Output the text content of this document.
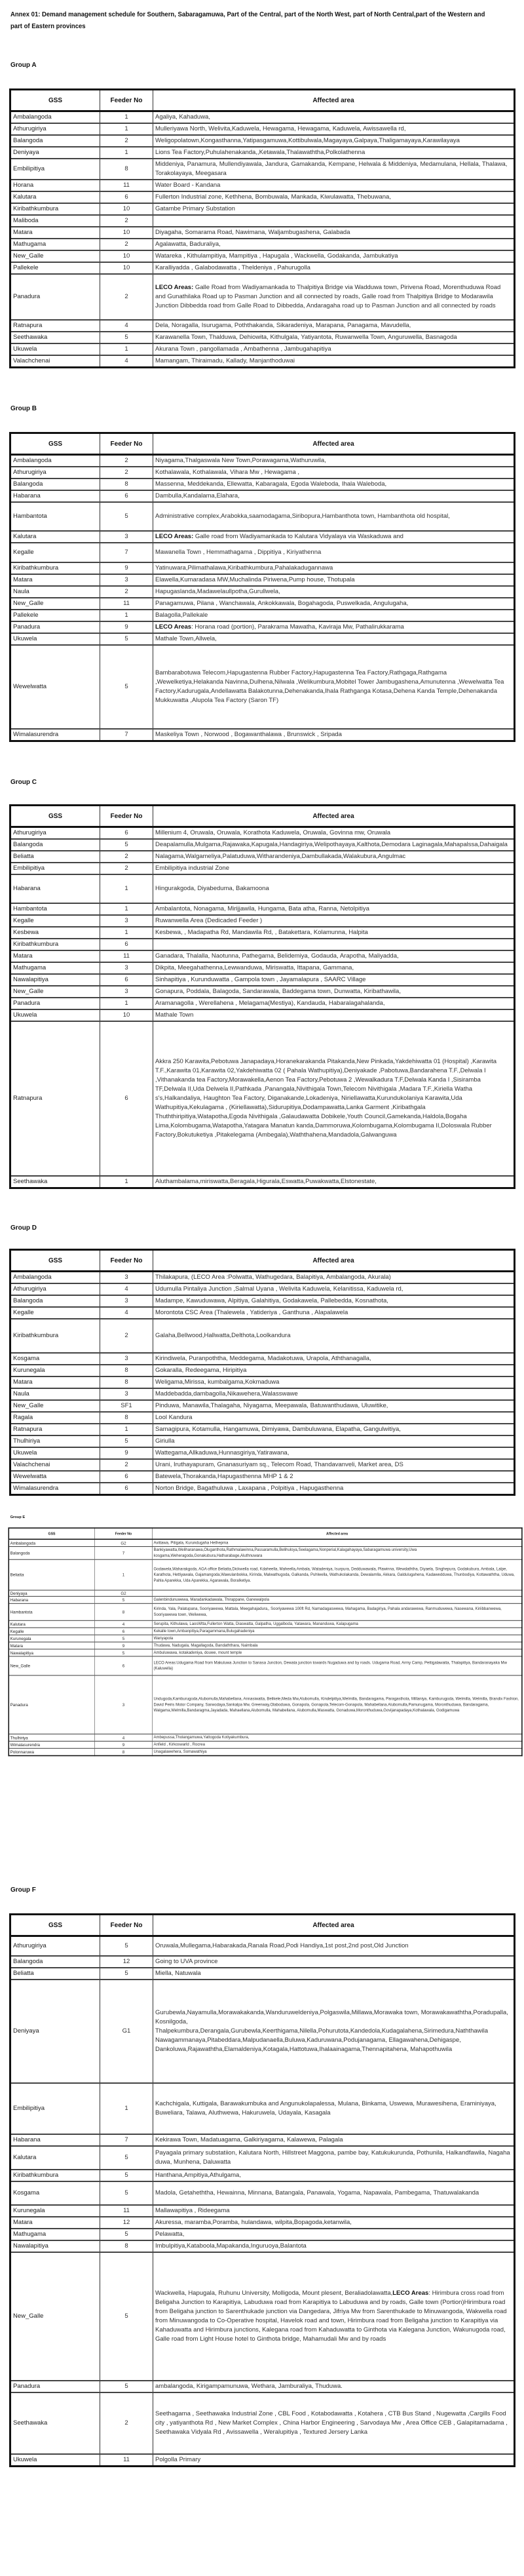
Annex 01: Demand management schedule for Southern, Sabaragamuwa, Part of the Central, part of the North West, part of North Central,part of the Western and part of Eastern provinces
Group A
GSS	Feeder No	Affected area
Ambalangoda	1	Agaliya, Kahaduwa,
Athurugiriya	1	Mulleriyawa North, Welivita,Kaduwela, Hewagama, Hewagama, Kaduwela, Awissawella rd,
Balangoda	2	Weligopolatown,Kongasthanna,Yatipasgamuwa,Kottibulwala,Magayaya,Galpaya,Thaligamayaya,Karawilayaya
Deniyaya	1	Lions Tea Factory,Puhulahenakanda,,Ketawala,Thalawaththa,Polkolathenna
Embilipitiya	8	Middeniya, Panamura, Mullendiyawala, Jandura, Gamakanda, Kempane, Helwala & Middeniya, Medamulana, Hellala, Thalawa, Torakolayaya, Meegasara
Horana	11	Water Board - Kandana
Kalutara	6	Fullerton Industrial zone, Kethhena, Bombuwala, Mankada, Kiwulawatta, Thebuwana,
Kiribathkumbura	10	Gatambe Primary Substation
Maliboda	2	
Matara	10	Diyagaha, Somarama Road, Nawimana, Waljambugashena, Galabada
Mathugama	2	Agalawatta, Baduraliya,
New_Galle	10	Watareka , Kithulampitiya, Mampitiya , Hapugala , Wackwella, Godakanda, Jambukatiya
Pallekele	10	Karalliyadda , Galabodawatta , Theldeniya , Pahurugolla
Panadura	2	LECO Areas: Galle Road from Wadiyamankada to Thalpitiya Bridge via Wadduwa town, Pirivena Road, Morenthuduwa Road and Gunathilaka Road up to Pasman Junction and all connected by roads, Galle road from Thalpitiya Bridge to Modarawila Junction Dibbedda road from Galle Road to Dibbedda, Andaragaha road up to Pasman Junction and all connected by roads
Ratnapura	4	Dela, Noragalla, Isurugama, Poththakanda, Sikaradeniya, Marapana, Panagama, Mavudella,
Seethawaka	5	Karawanella Town, Thalduwa, Dehiowita, Kithulgala, Yatiyantota, Ruwanwella Town, Anguruwella, Basnagoda
Ukuwela	1	Akurana Town , pangollamada , Ambathenna , Jambugahapitiya
Valachchenai	4	Mamangam, Thiraimadu, Kallady, Manjanthoduwai
Group B
GSS	Feeder No	Affected area
Ambalangoda	2	Niyagama,Thalgaswala New Town,Porawagama,Wathuruwila,
Athurugiriya	2	Kothalawala, Kothalawala, Vihara Mw , Hewagama ,
Balangoda	8	Massenna, Meddekanda, Ellewatta, Kabaragala, Egoda Waleboda, Ihala Waleboda,
Habarana	6	Dambulla,Kandalama,Elahara,
Hambantota	5	Administrative complex,Arabokka,saamodagama,Siribopura,Hambanthota town, Hambanthota old hospital,
Kalutara	3	LECO Areas: Galle road from Wadiyamankada to Kalutara Vidyalaya via Waskaduwa and
Kegalle	7	Mawanella Town , Hemmathagama , Dippitiya , Kiriyathenna
Kiribathkumbura	9	Yatinuwara,Pilimathalawa,Kiribathkumbura,Pahalakadugannawa
Matara	3	Elawella,Kumaradasa MW,Muchalinda Piriwena,Pump house, Thotupala
Naula	2	Hapugaslanda,Madawelaullpotha,Gurullwela,
New_Galle	11	Panagamuwa, Pilana , Wanchawala, Ankokkawala, Bogahagoda, Puswelkada, Angulugaha,
Pallekele	1	Balagolla,Pallekale
Panadura	9	LECO Areas: Horana road (portion), Parakrama Mawatha, Kaviraja Mw, Pathalirukkarama
Ukuwela	5	Mathale Town,Allwela,
Wewelwatta	5	Bambarabotuwa Telecom,Hapugastenna Rubber Factory,Hapugastenna Tea Factory,Rathgaga,Rathgama ,Wewelketiya,Helakanda Navinna,Dulhena,Nilwala ,Welikumbura,Mobitel Tower Jambugashena,Amunutenna ,Wewelwatta Tea Factory,Kadurugala,Andellawatta Balakotunna,Dehenakanda,Ihala Rathganga Kotasa,Dehena Kanda Temple,Dehenakanda Mukkuwatta ,Alupola Tea Factory (Saron TF)
Wimalasurendra	7	Maskeliya Town , Norwood , Bogawanthalawa , Brunswick , Sripada
Group C
GSS	Feeder No	Affected area
Athurugiriya	6	Millenium 4, Oruwala, Oruwala, Korathota Kaduwela, Oruwala, Govinna mw, Oruwala
Balangoda	5	Deapalamulla,Mulgama,Rajawaka,Kapugala,Handagiriya,Welipothayaya,Kalthota,Demodara Laginagala,Mahapalssa,Dahaigala
Beliatta	2	Nalagama,Walgameliya,Palatuduwa,Witharandeniya,Dambullakada,Walakubura,Angulmac
Embilipitiya	2	Embilipitiya industrial Zone
Habarana	1	Hingurakgoda, Diyabeduma, Bakamoona
Hambantota	1	Ambalantota, Nonagama, Mirijjawila, Hungama, Bata atha, Ranna, Netolpitiya
Kegalle	3	Ruwanwella Area (Dedicaded Feeder )
Kesbewa	1	Kesbewa, , Madapatha Rd, Mandawila Rd, , Batakettara, Kolamunna, Halpita
Kiribathkumbura	6	
Matara	11	Ganadara, Thalalla, Naotunna, Pathegama, Belidemiya, Godauda, Arapotha, Maliyadda,
Mathugama	3	Dikpita, Meegahathenna,Lewwanduwa, Miriswatta, Ittapana, Gammana,
Nawalapitiya	6	Sinhapitiya , Kurunduwatta , Gampola town , Jayamalapura , SAARC Village
New_Galle	3	Gonapura, Poddala, Balagoda, Sandarawala, Baddegama town, Dunwatta, Kiribathawila,
Panadura	1	Aramanagolla , Werellahena , Melagama(Mestiya), Kandauda, Habaralagahalanda,
Ukuwela	10	Mathale Town
Ratnapura	6	Akkra 250 Karawita,Pebotuwa Janapadaya,Horanekarakanda Pitakanda,New Pinkada,Yakdehiwatta 01 (Hospital) ,Karawita T.F.,Karawita 01,Karawita 02,Yakdehiwatta 02 ( Pahala Wathupitiya),Deniyakade ,Pabotuwa,Bandarahena T.F.,Delwala I ,Vithanakanda tea Factory,Morawakella,Aenon Tea Factory,Pebotuwa 2 ,Wewalkadura T.F,Delwala Kanda I ,Sisiramba TF,Delwala II,Uda Delwela II,Pathkada ,Panangala,Nivithigala Town,Telecom Nivithigala ,Madara T.F.,Kiriella Watha s's,Halkandaliya, Haughton Tea Factory, Diganakande,Lokadeniya, Niriellawatta,Kurundukolaniya Karawita,Uda Wathupitiya,Kekulagama , (Kiriellawatta),Sidurupitiya,Dodampawatta,Lanka Garment ,Kiribathgala Thuththiripitiya,Watapotha,Egoda Nivithigala ,Galaudawatta Dobikele,Youth Council,Gamekanda,Haldola,Bogaha Lima,Kolombugama,Watapotha,Yatagara Manatun kanda,Dammoruwa,Kolombugama,Kolombugama II,Doloswala Rubber Factory,Bokutuketiya ,Pitakelegama (Ambegala),Waththahena,Mandadola,Galwanguwa
Seethawaka	1	Aluthambalama,miriswatta,Beragala,Higurala,Eswatta,Puwakwatta,Elstonestate,
Group D
GSS	Feeder No	Affected area
Ambalangoda	3	Thilakapura, (LECO Area :Polwatta, Wathugedara, Balapitiya, Ambalangoda, Akurala)
Athurugiriya	4	Udumulla Pintaliya Junction ,Salmal Uyana , Welivita Kaduwela, Kelanitissa, Kaduwela rd,
Balangoda	3	Madampe, Kawuduwawa, Alpitiya, Galahitiya, Godakawela, Pallebedda, Kosnathota,
Kegalle	4	Morontota CSC Area (Thalewela , Yatideriya , Ganthuna , Alapalawela
Kiribathkumbura	2	Galaha,Bellwood,Hallwatta,Delthota,Loolkandura
Kosgama	3	Kirindiwela, Puranpoththa, Meddegama, Madakotuwa, Urapola, Aththanagalla,
Kurunegala	8	Gokaralla, Redeegama, Hiripitiya
Matara	8	Weligama,Mirissa, kumbalgama,Kokmaduwa
Naula	3	Maddebadda,dambagolla,Nikawehera,Walasswawe
New_Galle	SF1	Pinduwa, Manawila,Thalagaha, Niyagama, Meepawala, Batuwanthudawa, Uluwitike,
Ragala	8	Lool Kandura
Ratnapura	1	Samagipura, Kotamulla, Hangamuwa, Dimiyawa, Dambuluwana, Elapatha, Gangulwitiya,
Thulhiriya	5	Giriulla
Ukuwela	9	Wattegama,Allkaduwa,Hunnasgiriya,Yatirawana,
Valachchenai	2	Urani, Iruthayapuram, Gnanasuriyam sq., Telecom Road, Thandavanveli, Market area, DS
Wewelwatta	6	Batewela,Thorakanda,Hapugasthenna MHP 1 & 2
Wimalasurendra	6	Norton Bridge, Bagathuluwa , Laxapana , Polpitiya , Hapugasthenna
Group E
GSS	Feeder No	Affected area
Ambalangoda	G2	Avittawa, Pitigala, Kurundugaha Hethepma
Balangoda	7	Bankiyawatta,Weliharanawa,Oluganthota,Rathmalawinna,Passaramulla,Belihuloya,Seelagama,Nonperial,Kalagahayaya,Sabaragamuwa university,Uwa kosgama,Weheragoda,Gonakubura,Hatharabage,Aluthnuwara
Beliatta	1	Godawela,Waharakgoda, AGA office Beliatta,Dickwella road, Kdaheella, Maheella,Ambala, Watadeniya, Isurpura, Dedduwawala, Plawinna, Wewdaththa, Diyaela, Singhepura, Godakubura, Ambala, Lalpe, Karathota, Hettiyawala, Gajamangoda,Wawulanbokka, Kirinda, Malwathugoda, Galkanda, Puhlwella, Wathukolakanda, Dewalamlla, Akkara, Galdulugahena, Kadawedduwa, Thunbodiya, Kottawaththa, Uduwa, Pahla Aparekka, Uda Aparekka, Agarawala, Boralketiya.
Deniyaya	G2	
Habarana	5	Galenbindunuwewa, Maradankadawala, Thirappane, Ganewalpola
Hambantota	8	Kirinda, Yala, Palatupana, Sooriyawewa, Mattala, Meegahajadura,, Sooriyawewa 100ft Rd, Namadagaswewa, Mahagama, Badagiriya, Pahala andarawewa, Ranmuduwewa, Nasewana, Kiriibbanwewa, Sooriyawewa town, Weliwewa,
Kalutara	4	Serupita, Kithulawa, LaosWtta,Fullerton Watta, Diaswatta, Galpatha, Uggalboda, Yatawara, Mananduwa, Kalapugama
Kegalle	6	Kekalle town,Ambanpitiya,Paragammana,Bulugahadeniya
Kurunegala	5	Wariyapola
Matara	9	Thudawa, Nadugala, Magallagoda, Bandaththara, Naimbala
Nawalapitiya	5	Ambuluwawa, kotakadeniya, douwe, mount temple
New_Galle	6	LECO Areas:Udugama Road from Makuluwa Junction to Sanasa Junction, Dewata junction towards Nugaduwa and by roads. Udugama Road, Army Camp, Pettigalawatta, Thalapitiya, Bandaranayaka Mw (Kaluwella)
Panadura	3	Undugoda,Kamburugoda,Alubomulla,Mahabellana, Annasiwatta, Belikele,Meda Mw,Alubomulla, Kindelpitiya,Welmilla, Bandaragama, Paragasthota, Millaniya, Kamburugoda, Welmilla, Welmilla, Brandix Fashion, David Peiris Motor Company, Sarwodaya,Sankalpa Mw, Greenway,Olaboduwa, Gonapola, Gonapola,Telecom-Gonapola, Mahabellana.Alubomulla,Pamunugama, Moronthuduwa, Bandaragama, Walgama,Welmilla,Bandaragma,Jayadada, Mahaellana,Alubomulla, Mahabellana, Alubomulla,Maswatta, Gonaduwa,Moronthuduwa,Govijanapadaya,Kothalawala, Godigamuwa
Thulhiriya	4	Ambepussa,Tholangamuwa,Yattogoda Kotiyakumbura,
Wimalasurendra	9	Anfield , Kirkoswarld , Rocrea
Polonnaruwa	8	Unagalawehera, Somawathiya
Group F
GSS	Feeder No	Affected area
Athurugiriya	5	Oruwala,Mullegama,Habarakada,Ranala Road,Podi Handiya,1st post,2nd post,Old Junction
Balangoda	12	Going to UVA province
Beliatta	5	Miella, Natuwala
Deniyaya	G1	Gurubewla,Nayamulla,Morawakakanda,Wanduruweldeniya,Polgaswila,Millawa,Morawaka town, Morawakawaththa,Poradupalla, Kosnilgoda, Thalpekumbura,Derangala,Gurubewla,Keerthigama,Nilella,Pohurutota,Kandedola,Kudagalahena,Sirimedura,Naththawila Nawagammanaya,Pitabeddara,Malpudanaella,Buluwa,Kaduruwana,Podujanagama, Ellagawahena,Dehigaspe, Dankoluwa,Rajawaththa,Elamaldeniya,Kotagala,Hattotuwa,Ihalaainagama,Thennapitahena, Mahapothuwila
Embilipitiya	1	Kachchigala, Kuttigala, Barawakumbuka and Angunukolapalessa, Mulana, Binkama, Uswewa, Murawesihena, Eraminiyaya, Buweliara, Talawa, Aluthwewa, Hakuruwela, Udayala, Kasagala
Habarana	7	Kekirawa Town, Madatuagama, Galkiriyagama, Kalawewa, Palagala
Kalutara	5	Payagala primary substatiion, Kalutara North, Hillstreet Maggona, pambe bay, Katukukurunda, Pothunila, Halkandfawila, Nagaha duwa, Munhena, Daluwatta
Kiribathkumbura	5	Hanthana,Ampitiya,Athulgama,
Kosgama	5	Madola, Getaheththa, Hewainna, Minnana, Batangala, Panawala, Yogama, Napawala, Pambegama, Thatuwalakanda
Kurunegala	11	Mallawapitiya , Rideegama
Matara	12	Akuressa, maramba,Poramba, hulandawa, wilpita,Bopagoda,ketanwila,
Mathugama	5	Pelawatta,
Nawalapitiya	8	Imbulpitiya,Kataboola,Mapakanda,Inguruoya,Balantota
New_Galle	5	Wackwella, Hapugala, Ruhunu University, Molligoda, Mount plesent, Beraliadolawatta,LECO Areas: Hirimbura cross road from Beligaha Junction to Karapitiya, Labuduwa road from Karapitiya to Labuduwa and by roads, Galle town (Portion)Hirimbura road from Beligaha junction to Sarenthukade junction via Dangedara, Jifriya Mw from Sarenthukade to Minuwangoda, Wakwella road from Minuwangoda to Co-Operative hospital, Havelok road and town, Hirimbura road from Beligaha junction to Karapitiya via Kahaduwatta and Hirimbura junctions, Kalegana road from Kahaduwatta to Ginthota via Kalegana Junction, Wakunugoda road, Galle road from Light House hotel to Ginthota bridge, Mahamudali Mw and by roads
Panadura	5	ambalangoda, Kirigampamunuwa, Wethara, Jamburaliya, Thuduwa.
Seethawaka	2	Seethagama , Seethawaka Industrial Zone , CBL Food , Kotabodawatta , Kotahera , CTB Bus Stand , Nugewatta ,Cargills Food city , yatiyanthota Rd , New Market Complex , China Harbor Engineering , Sarvodaya Mw , Area Office CEB , Galapitamadama , Seethawaka Vidyala Rd , Avissawella , Weralupitiya , Textured Jersery Lanka
Ukuwela	11	Polgolla Primary
